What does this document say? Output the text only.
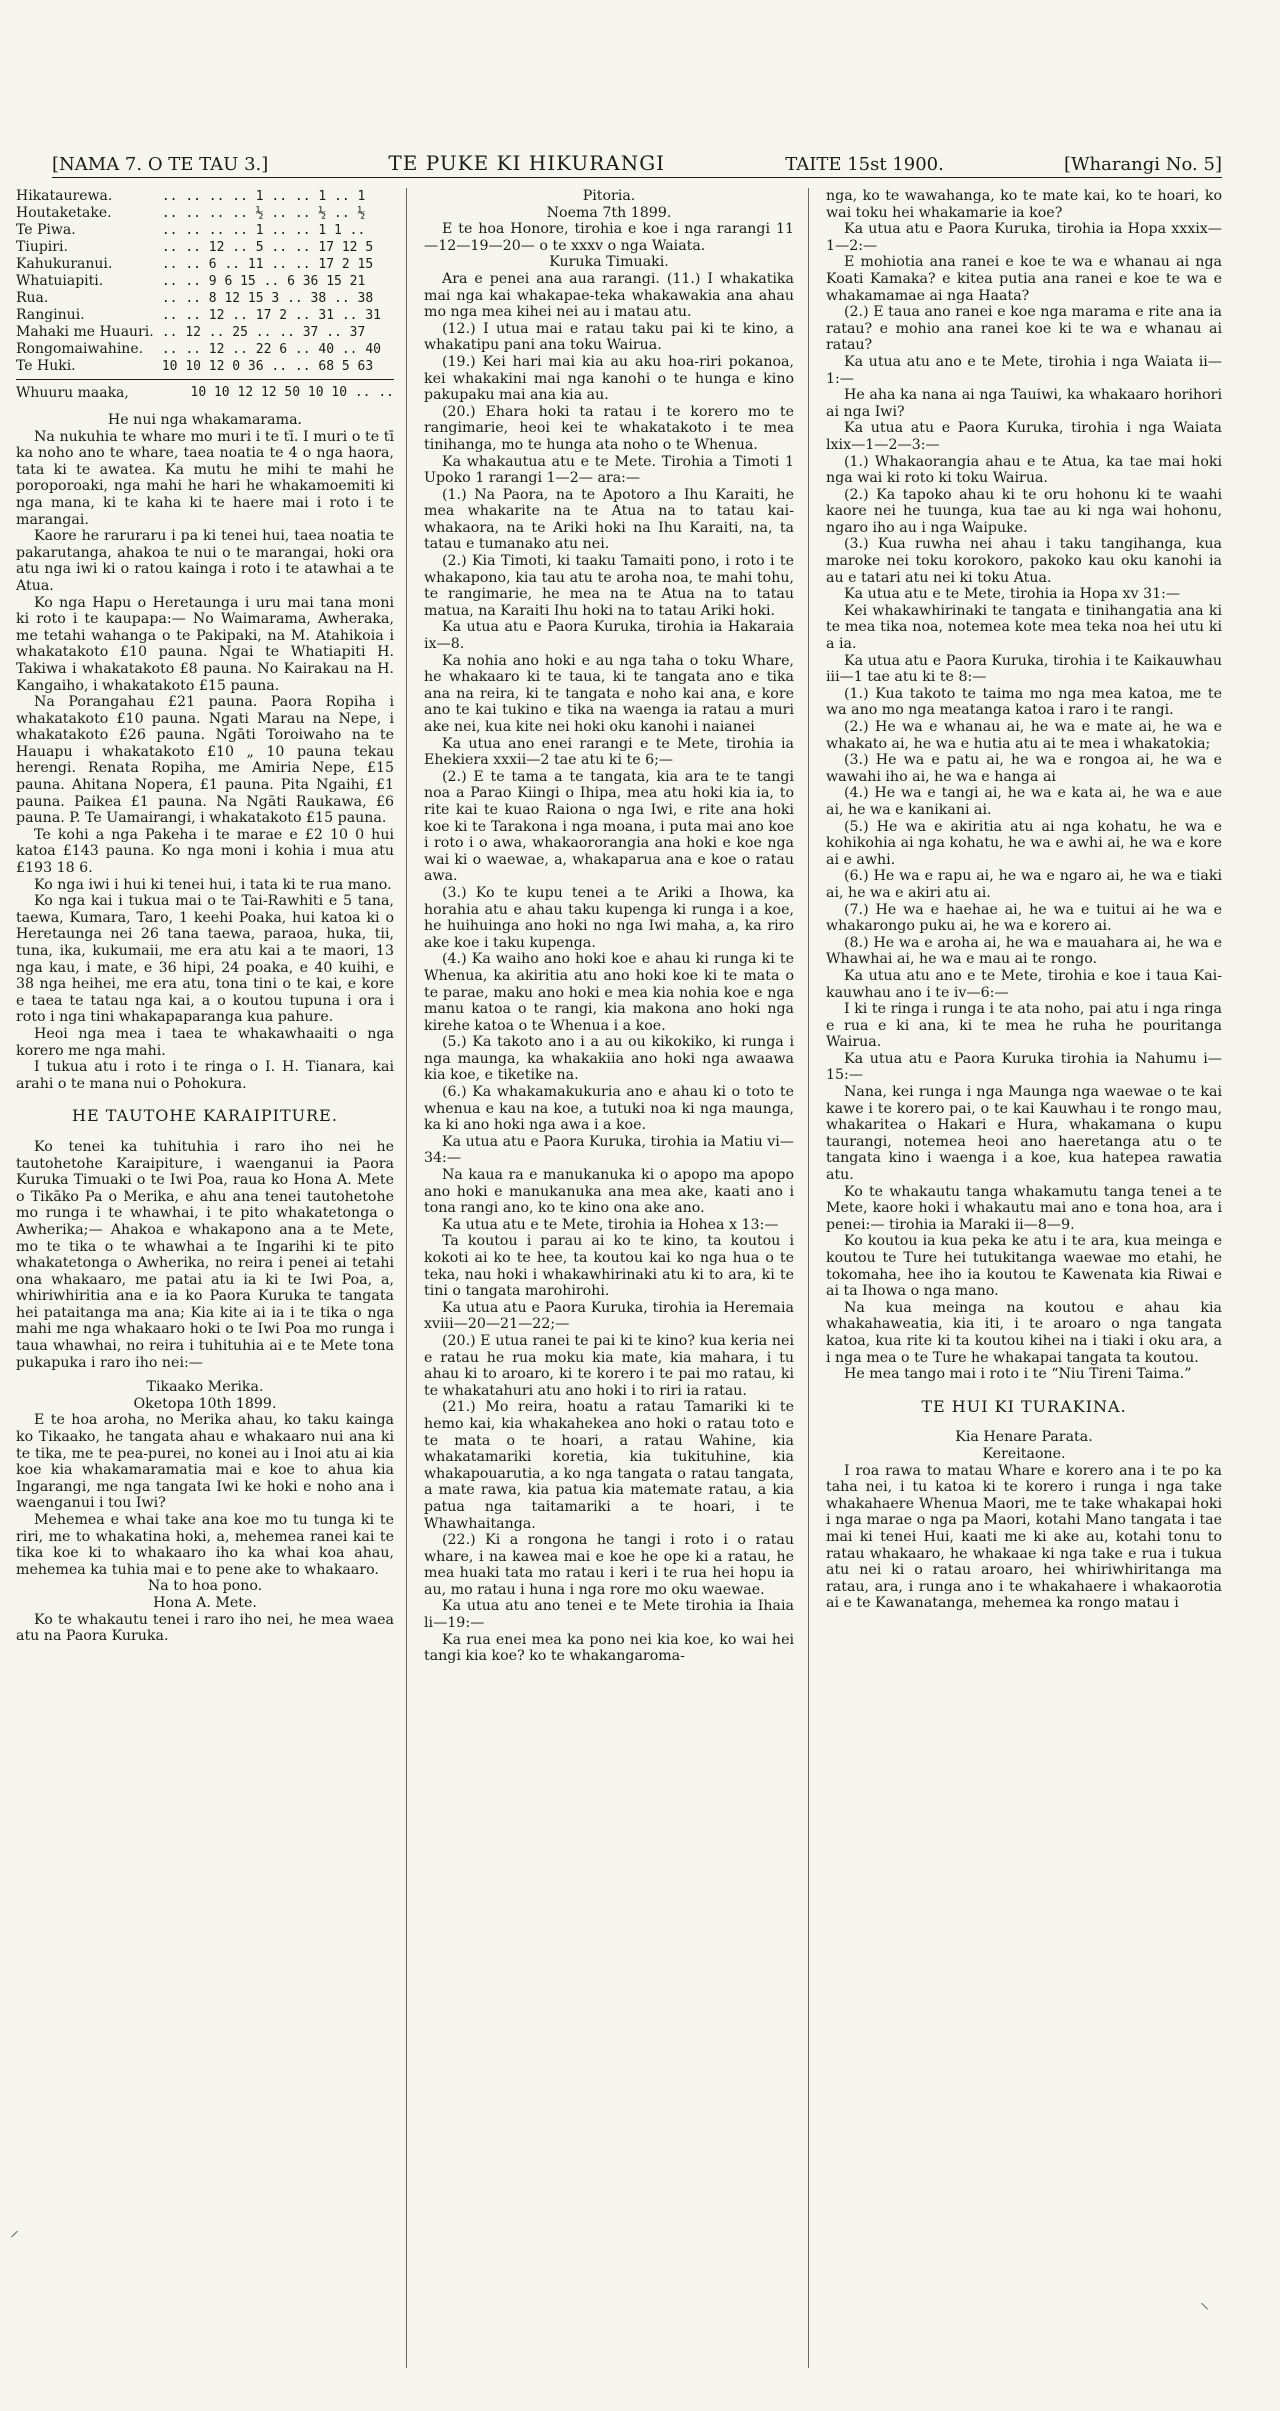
[NAMA 7. O TE TAU 3.]	TE PUKE KI HIKURANGI	TAITE 15st 1900.	[Wharangi No. 5]
Hikataurewa.	.. .. .. .. 1 .. .. 1 .. 1
Houtaketake.	.. .. .. .. ½ .. .. ½ .. ½
Te Piwa.	.. .. .. .. 1 .. .. 1 1 ..
Tiupiri.	.. .. 12 .. 5 .. .. 17 12 5
Kahukuranui.	.. .. 6 .. 11 .. .. 17 2 15
Whatuiapiti.	.. .. 9 6 15 .. 6 36 15 21
Rua.	.. .. 8 12 15 3 .. 38 .. 38
Ranginui.	.. .. 12 .. 17 2 .. 31 .. 31
Mahaki me Huauri.	.. 12 .. 25 .. .. 37 .. 37
Rongomaiwahine.	.. .. 12 .. 22 6 .. 40 .. 40
Te Huki.	10 10 12 0 36 .. .. 68 5 63
Whuuru maaka,	10 10 12 12 50 10 10 .. ..

He nui nga whakamarama.

Na nukuhia te whare mo muri i te tī. I muri o te tī ka noho ano te whare, taea noatia te 4 o nga haora, tata ki te awatea. Ka mutu he mihi te mahi he poroporoaki, nga mahi he hari he whakamoemiti ki nga mana, ki te kaha ki te haere mai i roto i te marangai.

Kaore he raruraru i pa ki tenei hui, taea noatia te pakarutanga, ahakoa te nui o te marangai, hoki ora atu nga iwi ki o ratou kainga i roto i te atawhai a te Atua.

Ko nga Hapu o Heretaunga i uru mai tana moni ki roto i te kaupapa:— No Waimarama, Awheraka, me tetahi wahanga o te Pakipaki, na M. Atahikoia i whakatakoto £10 pauna. Ngai te Whatiapiti H. Takiwa i whakatakoto £8 pauna. No Kairakau na H. Kangaiho, i whakatakoto £15 pauna.

Na Porangahau £21 pauna. Paora Ropiha i whakatakoto £10 pauna. Ngati Marau na Nepe, i whakatakoto £26 pauna. Ngāti Toroiwaho na te Hauapu i whakatakoto £10 „ 10 pauna tekau herengi. Renata Ropiha, me Amiria Nepe, £15 pauna. Ahitana Nopera, £1 pauna. Pita Ngaihi, £1 pauna. Paikea £1 pauna. Na Ngāti Raukawa, £6 pauna. P. Te Uamairangi, i whakatakoto £15 pauna.

Te kohi a nga Pakeha i te marae e £2 10 0 hui katoa £143 pauna. Ko nga moni i kohia i mua atu £193 18 6.

Ko nga iwi i hui ki tenei hui, i tata ki te rua mano.

Ko nga kai i tukua mai o te Tai-Rawhiti e 5 tana, taewa, Kumara, Taro, 1 keehi Poaka, hui katoa ki o Heretaunga nei 26 tana taewa, paraoa, huka, tii, tuna, ika, kukumaii, me era atu kai a te maori, 13 nga kau, i mate, e 36 hipi, 24 poaka, e 40 kuihi, e 38 nga heihei, me era atu, tona tini o te kai, e kore e taea te tatau nga kai, a o koutou tupuna i ora i roto i nga tini whakapaparanga kua pahure.

Heoi nga mea i taea te whakawhaaiti o nga korero me nga mahi.

I tukua atu i roto i te ringa o I. H. Tianara, kai arahi o te mana nui o Pohokura.

HE TAUTOHE KARAIPITURE.

Ko tenei ka tuhituhia i raro iho nei he tautohetohe Karaipiture, i waenganui ia Paora Kuruka Timuaki o te Iwi Poa, raua ko Hona A. Mete o Tikāko Pa o Merika, e ahu ana tenei tautohetohe mo runga i te whawhai, i te pito whakatetonga o Awherika;— Ahakoa e whakapono ana a te Mete, mo te tika o te whawhai a te Ingarihi ki te pito whakatetonga o Awherika, no reira i penei ai tetahi ona whakaaro, me patai atu ia ki te Iwi Poa, a, whiriwhiritia ana e ia ko Paora Kuruka te tangata hei pataitanga ma ana; Kia kite ai ia i te tika o nga mahi me nga whakaaro hoki o te Iwi Poa mo runga i taua whawhai, no reira i tuhituhia ai e te Mete tona pukapuka i raro iho nei:—

Tikaako Merika.

Oketopa 10th 1899.

E te hoa aroha, no Merika ahau, ko taku kainga ko Tikaako, he tangata ahau e whakaaro nui ana ki te tika, me te pea-purei, no konei au i Inoi atu ai kia koe kia whakamaramatia mai e koe to ahua kia Ingarangi, me nga tangata Iwi ke hoki e noho ana i waenganui i tou Iwi?

Mehemea e whai take ana koe mo tu tunga ki te riri, me to whakatina hoki, a, mehemea ranei kai te tika koe ki to whakaaro iho ka whai koa ahau, mehemea ka tuhia mai e to pene ake to whakaaro.

Na to hoa pono.

Hona A. Mete.

Ko te whakautu tenei i raro iho nei, he mea waea atu na Paora Kuruka.

Pitoria.

Noema 7th 1899.

E te hoa Honore, tirohia e koe i nga rarangi 11—12—19—20— o te xxxv o nga Waiata.

Kuruka Timuaki.

Ara e penei ana aua rarangi. (11.) I whakatika mai nga kai whakapae-teka whakawakia ana ahau mo nga mea kihei nei au i matau atu.

(12.) I utua mai e ratau taku pai ki te kino, a whakatipu pani ana toku Wairua.

(19.) Kei hari mai kia au aku hoa-riri pokanoa, kei whakakini mai nga kanohi o te hunga e kino pakupaku mai ana kia au.

(20.) Ehara hoki ta ratau i te korero mo te rangimarie, heoi kei te whakatakoto i te mea tinihanga, mo te hunga ata noho o te Whenua.

Ka whakautua atu e te Mete. Tirohia a Timoti 1 Upoko 1 rarangi 1—2— ara:—

(1.) Na Paora, na te Apotoro a Ihu Karaiti, he mea whakarite na te Atua na to tatau kai-whakaora, na te Ariki hoki na Ihu Karaiti, na, ta tatau e tumanako atu nei.

(2.) Kia Timoti, ki taaku Tamaiti pono, i roto i te whakapono, kia tau atu te aroha noa, te mahi tohu, te rangimarie, he mea na te Atua na to tatau matua, na Karaiti Ihu hoki na to tatau Ariki hoki.

Ka utua atu e Paora Kuruka, tirohia ia Hakaraia ix—8.

Ka nohia ano hoki e au nga taha o toku Whare, he whakaaro ki te taua, ki te tangata ano e tika ana na reira, ki te tangata e noho kai ana, e kore ano te kai tukino e tika na waenga ia ratau a muri ake nei, kua kite nei hoki oku kanohi i naianei

Ka utua ano enei rarangi e te Mete, tirohia ia Ehekiera xxxii—2 tae atu ki te 6;—

(2.) E te tama a te tangata, kia ara te te tangi noa a Parao Kiingi o Ihipa, mea atu hoki kia ia, to rite kai te kuao Raiona o nga Iwi, e rite ana hoki koe ki te Tarakona i nga moana, i puta mai ano koe i roto i o awa, whakaororangia ana hoki e koe nga wai ki o waewae, a, whakaparua ana e koe o ratau awa.

(3.) Ko te kupu tenei a te Ariki a Ihowa, ka horahia atu e ahau taku kupenga ki runga i a koe, he huihuinga ano hoki no nga Iwi maha, a, ka riro ake koe i taku kupenga.

(4.) Ka waiho ano hoki koe e ahau ki runga ki te Whenua, ka akiritia atu ano hoki koe ki te mata o te parae, maku ano hoki e mea kia nohia koe e nga manu katoa o te rangi, kia makona ano hoki nga kirehe katoa o te Whenua i a koe.

(5.) Ka takoto ano i a au ou kikokiko, ki runga i nga maunga, ka whakakiia ano hoki nga awaawa kia koe, e tiketike na.

(6.) Ka whakamakukuria ano e ahau ki o toto te whenua e kau na koe, a tutuki noa ki nga maunga, ka ki ano hoki nga awa i a koe.

Ka utua atu e Paora Kuruka, tirohia ia Matiu vi—34:—

Na kaua ra e manukanuka ki o apopo ma apopo ano hoki e manukanuka ana mea ake, kaati ano i tona rangi ano, ko te kino ona ake ano.

Ka utua atu e te Mete, tirohia ia Hohea x 13:—

Ta koutou i parau ai ko te kino, ta koutou i kokoti ai ko te hee, ta koutou kai ko nga hua o te teka, nau hoki i whakawhirinaki atu ki to ara, ki te tini o tangata marohirohi.

Ka utua atu e Paora Kuruka, tirohia ia Heremaia xviii—20—21—22;—

(20.) E utua ranei te pai ki te kino? kua keria nei e ratau he rua moku kia mate, kia mahara, i tu ahau ki to aroaro, ki te korero i te pai mo ratau, ki te whakatahuri atu ano hoki i to riri ia ratau.

(21.) Mo reira, hoatu a ratau Tamariki ki te hemo kai, kia whakahekea ano hoki o ratau toto e te mata o te hoari, a ratau Wahine, kia whakatamariki koretia, kia tukituhine, kia whakapouarutia, a ko nga tangata o ratau tangata, a mate rawa, kia patua kia matemate ratau, a kia patua nga taitamariki a te hoari, i te Whawhaitanga.

(22.) Ki a rongona he tangi i roto i o ratau whare, i na kawea mai e koe he ope ki a ratau, he mea huaki tata mo ratau i keri i te rua hei hopu ia au, mo ratau i huna i nga rore mo oku waewae.

Ka utua atu ano tenei e te Mete tirohia ia Ihaia li—19:—

Ka rua enei mea ka pono nei kia koe, ko wai hei tangi kia koe? ko te whakangaroma-

nga, ko te wawahanga, ko te mate kai, ko te hoari, ko wai toku hei whakamarie ia koe?

Ka utua atu e Paora Kuruka, tirohia ia Hopa xxxix—1—2:—

E mohiotia ana ranei e koe te wa e whanau ai nga Koati Kamaka? e kitea putia ana ranei e koe te wa e whakamamae ai nga Haata?

(2.) E taua ano ranei e koe nga marama e rite ana ia ratau? e mohio ana ranei koe ki te wa e whanau ai ratau?

Ka utua atu ano e te Mete, tirohia i nga Waiata ii—1:—

He aha ka nana ai nga Tauiwi, ka whakaaro horihori ai nga Iwi?

Ka utua atu e Paora Kuruka, tirohia i nga Waiata lxix—1—2—3:—

(1.) Whakaorangia ahau e te Atua, ka tae mai hoki nga wai ki roto ki toku Wairua.

(2.) Ka tapoko ahau ki te oru hohonu ki te waahi kaore nei he tuunga, kua tae au ki nga wai hohonu, ngaro iho au i nga Waipuke.

(3.) Kua ruwha nei ahau i taku tangihanga, kua maroke nei toku korokoro, pakoko kau oku kanohi ia au e tatari atu nei ki toku Atua.

Ka utua atu e te Mete, tirohia ia Hopa xv 31:—

Kei whakawhirinaki te tangata e tinihangatia ana ki te mea tika noa, notemea kote mea teka noa hei utu ki a ia.

Ka utua atu e Paora Kuruka, tirohia i te Kaikauwhau iii—1 tae atu ki te 8:—

(1.) Kua takoto te taima mo nga mea katoa, me te wa ano mo nga meatanga katoa i raro i te rangi.

(2.) He wa e whanau ai, he wa e mate ai, he wa e whakato ai, he wa e hutia atu ai te mea i whakatokia;

(3.) He wa e patu ai, he wa e rongoa ai, he wa e wawahi iho ai, he wa e hanga ai

(4.) He wa e tangi ai, he wa e kata ai, he wa e aue ai, he wa e kanikani ai.

(5.) He wa e akiritia atu ai nga kohatu, he wa e kohikohia ai nga kohatu, he wa e awhi ai, he wa e kore ai e awhi.

(6.) He wa e rapu ai, he wa e ngaro ai, he wa e tiaki ai, he wa e akiri atu ai.

(7.) He wa e haehae ai, he wa e tuitui ai he wa e whakarongo puku ai, he wa e korero ai.

(8.) He wa e aroha ai, he wa e mauahara ai, he wa e Whawhai ai, he wa e mau ai te rongo.

Ka utua atu ano e te Mete, tirohia e koe i taua Kai-kauwhau ano i te iv—6:—

I ki te ringa i runga i te ata noho, pai atu i nga ringa e rua e ki ana, ki te mea he ruha he pouritanga Wairua.

Ka utua atu e Paora Kuruka tirohia ia Nahumu i—15:—

Nana, kei runga i nga Maunga nga waewae o te kai kawe i te korero pai, o te kai Kauwhau i te rongo mau, whakaritea o Hakari e Hura, whakamana o kupu taurangi, notemea heoi ano haeretanga atu o te tangata kino i waenga i a koe, kua hatepea rawatia atu.

Ko te whakautu tanga whakamutu tanga tenei a te Mete, kaore hoki i whakautu mai ano e tona hoa, ara i penei:— tirohia ia Maraki ii—8—9.

Ko koutou ia kua peka ke atu i te ara, kua meinga e koutou te Ture hei tutukitanga waewae mo etahi, he tokomaha, hee iho ia koutou te Kawenata kia Riwai e ai ta Ihowa o nga mano.

Na kua meinga na koutou e ahau kia whakahaweatia, kia iti, i te aroaro o nga tangata katoa, kua rite ki ta koutou kihei na i tiaki i oku ara, a i nga mea o te Ture he whakapai tangata ta koutou.

He mea tango mai i roto i te “Niu Tireni Taima.”

TE HUI KI TURAKINA.

Kia Henare Parata.

Kereitaone.

I roa rawa to matau Whare e korero ana i te po ka taha nei, i tu katoa ki te korero i runga i nga take whakahaere Whenua Maori, me te take whakapai hoki i nga marae o nga pa Maori, kotahi Mano tangata i tae mai ki tenei Hui, kaati me ki ake au, kotahi tonu to ratau whakaaro, he whakaae ki nga take e rua i tukua atu nei ki o ratau aroaro, hei whiriwhiritanga ma ratau, ara, i runga ano i te whakahaere i whakaorotia ai e te Kawanatanga, mehemea ka rongo matau i

⸝
⸜
